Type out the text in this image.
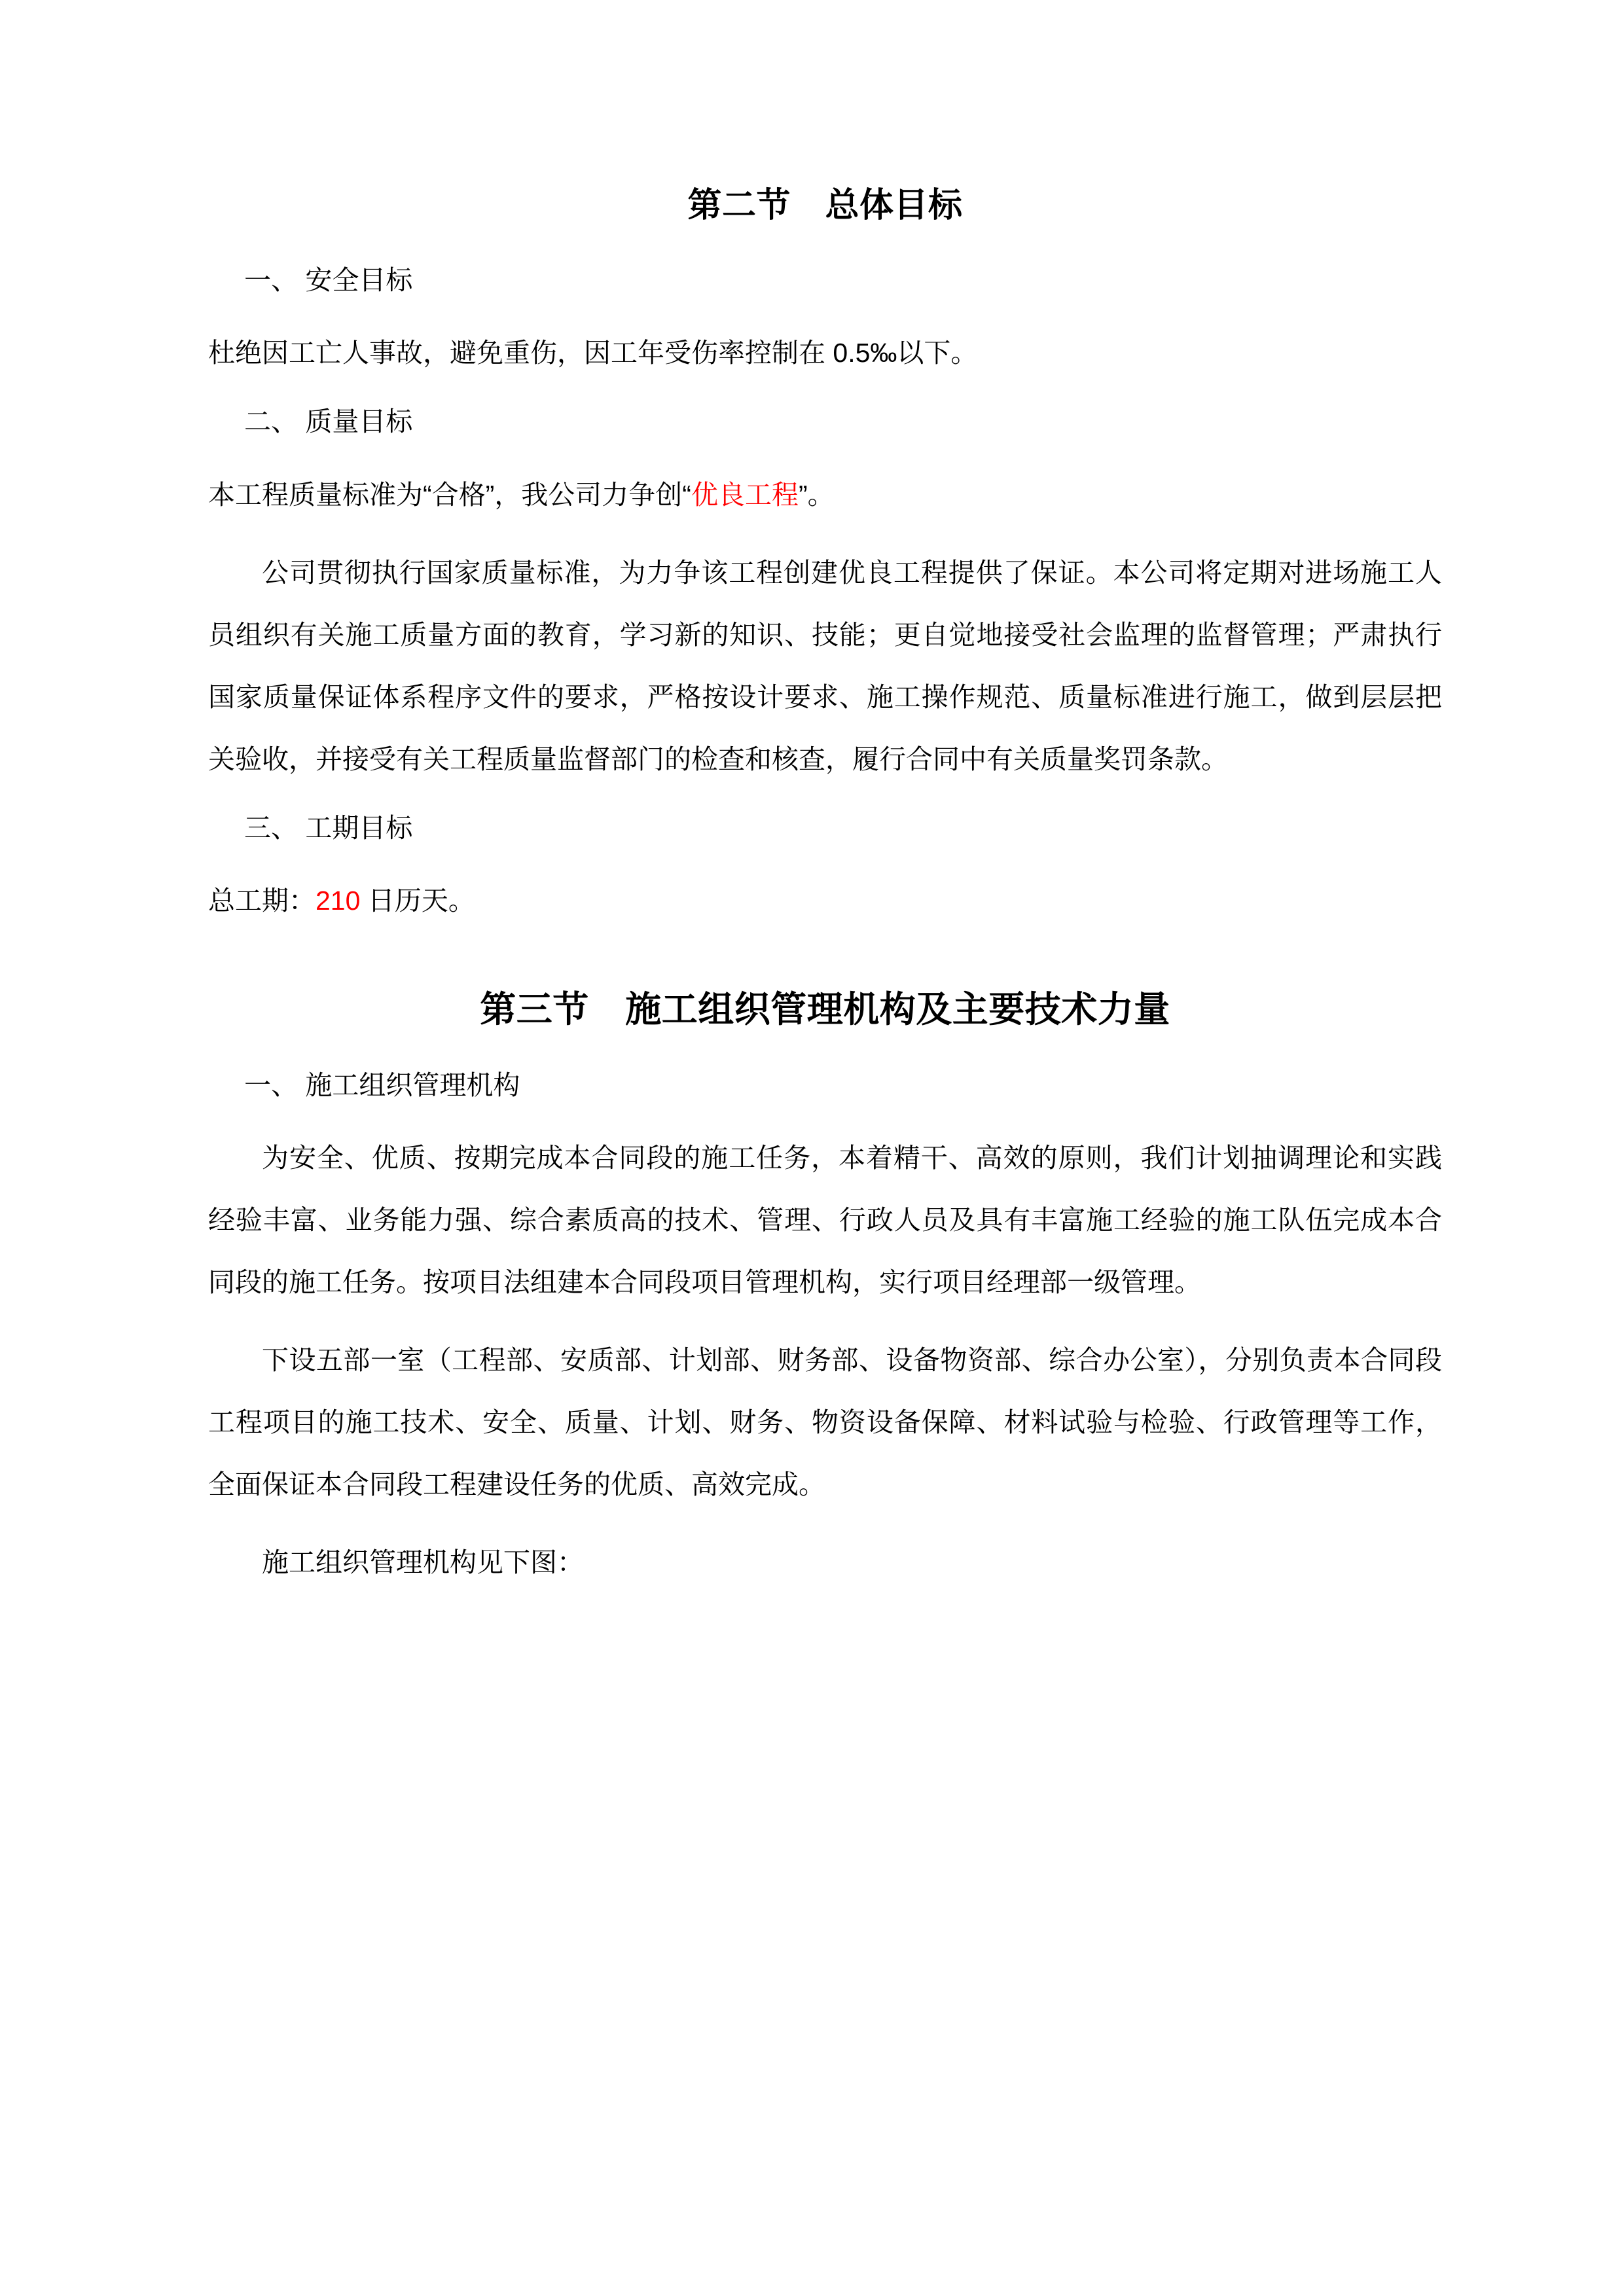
第二节　总体目标
一、 安全目标
杜绝因工亡人事故，避免重伤，因工年受伤率控制在 0.5‰以下。
二、 质量目标
本工程质量标准为“合格”，我公司力争创“优良工程”。
公司贯彻执行国家质量标准，为力争该工程创建优良工程提供了保证。本公司将定期对进场施工人员组织有关施工质量方面的教育，学习新的知识、技能；更自觉地接受社会监理的监督管理；严肃执行国家质量保证体系程序文件的要求，严格按设计要求、施工操作规范、质量标准进行施工，做到层层把关验收，并接受有关工程质量监督部门的检查和核查，履行合同中有关质量奖罚条款。
三、 工期目标
总工期：210 日历天。
第三节　施工组织管理机构及主要技术力量
一、 施工组织管理机构
为安全、优质、按期完成本合同段的施工任务，本着精干、高效的原则，我们计划抽调理论和实践经验丰富、业务能力强、综合素质高的技术、管理、行政人员及具有丰富施工经验的施工队伍完成本合同段的施工任务。按项目法组建本合同段项目管理机构，实行项目经理部一级管理。
下设五部一室（工程部、安质部、计划部、财务部、设备物资部、综合办公室），分别负责本合同段工程项目的施工技术、安全、质量、计划、财务、物资设备保障、材料试验与检验、行政管理等工作，全面保证本合同段工程建设任务的优质、高效完成。
施工组织管理机构见下图：
